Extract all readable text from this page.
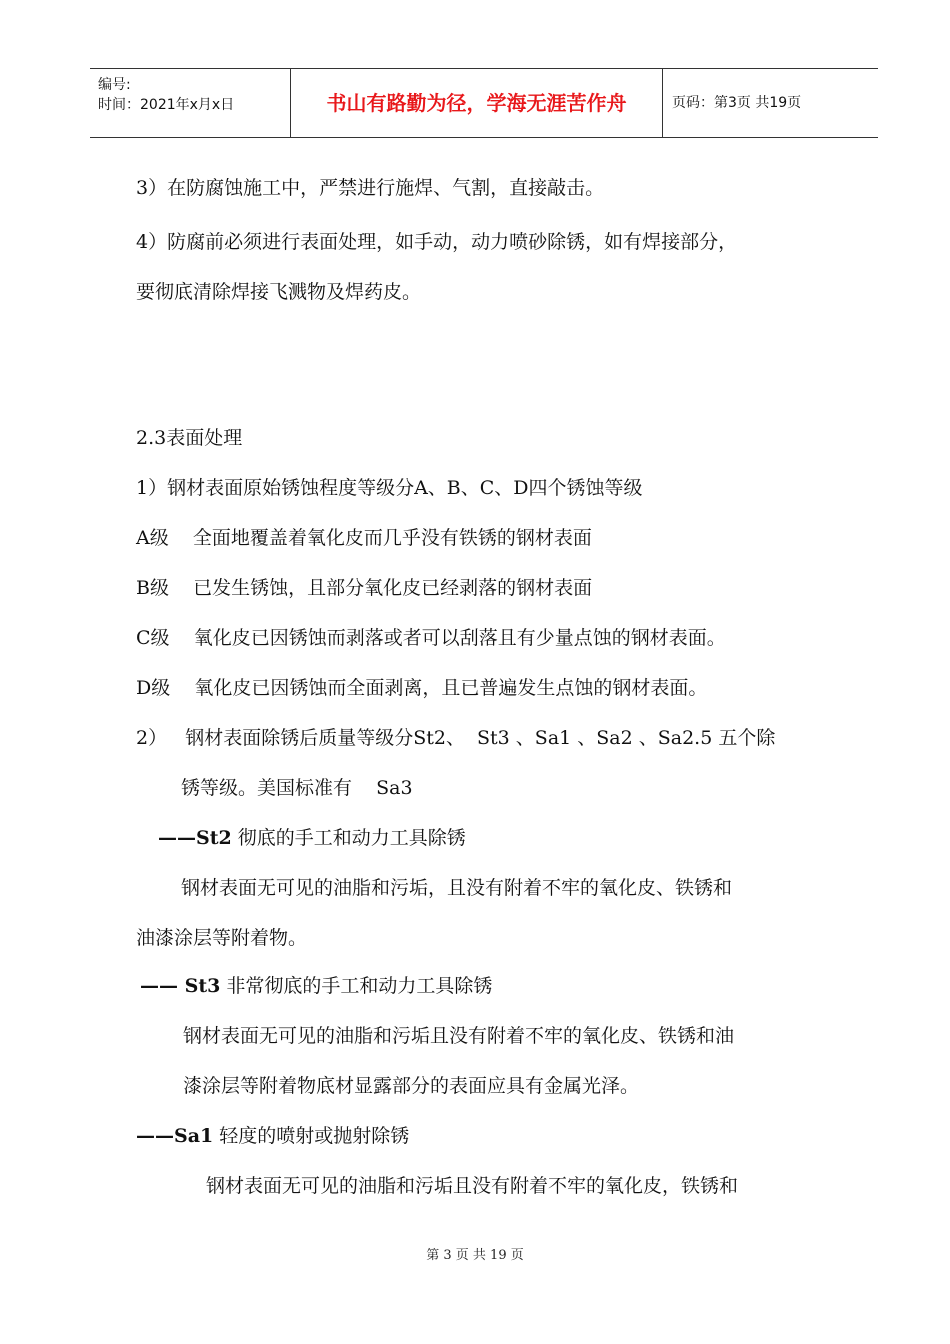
编号:
时间：2021年x月x日	书山有路勤为径，学海无涯苦作舟	页码：第3页 共19页
3）在防腐蚀施工中，严禁进行施焊、气割，直接敲击。
4）防腐前必须进行表面处理，如手动，动力喷砂除锈，如有焊接部分，
要彻底清除焊接飞溅物及焊药皮。
2.3表面处理
1）钢材表面原始锈蚀程度等级分A、B、C、D四个锈蚀等级
A级    全面地覆盖着氧化皮而几乎没有铁锈的钢材表面
B级    已发生锈蚀，且部分氧化皮已经剥落的钢材表面
C级    氧化皮已因锈蚀而剥落或者可以刮落且有少量点蚀的钢材表面。
D级    氧化皮已因锈蚀而全面剥离，且已普遍发生点蚀的钢材表面。
2）   钢材表面除锈后质量等级分St2、  St3 、Sa1 、Sa2 、Sa2.5 五个除
锈等级。美国标准有    Sa3
——St2 彻底的手工和动力工具除锈
钢材表面无可见的油脂和污垢，且没有附着不牢的氧化皮、铁锈和
油漆涂层等附着物。
—— St3 非常彻底的手工和动力工具除锈
钢材表面无可见的油脂和污垢且没有附着不牢的氧化皮、铁锈和油
漆涂层等附着物底材显露部分的表面应具有金属光泽。
——Sa1 轻度的喷射或抛射除锈
钢材表面无可见的油脂和污垢且没有附着不牢的氧化皮，铁锈和
第 3 页 共 19 页
